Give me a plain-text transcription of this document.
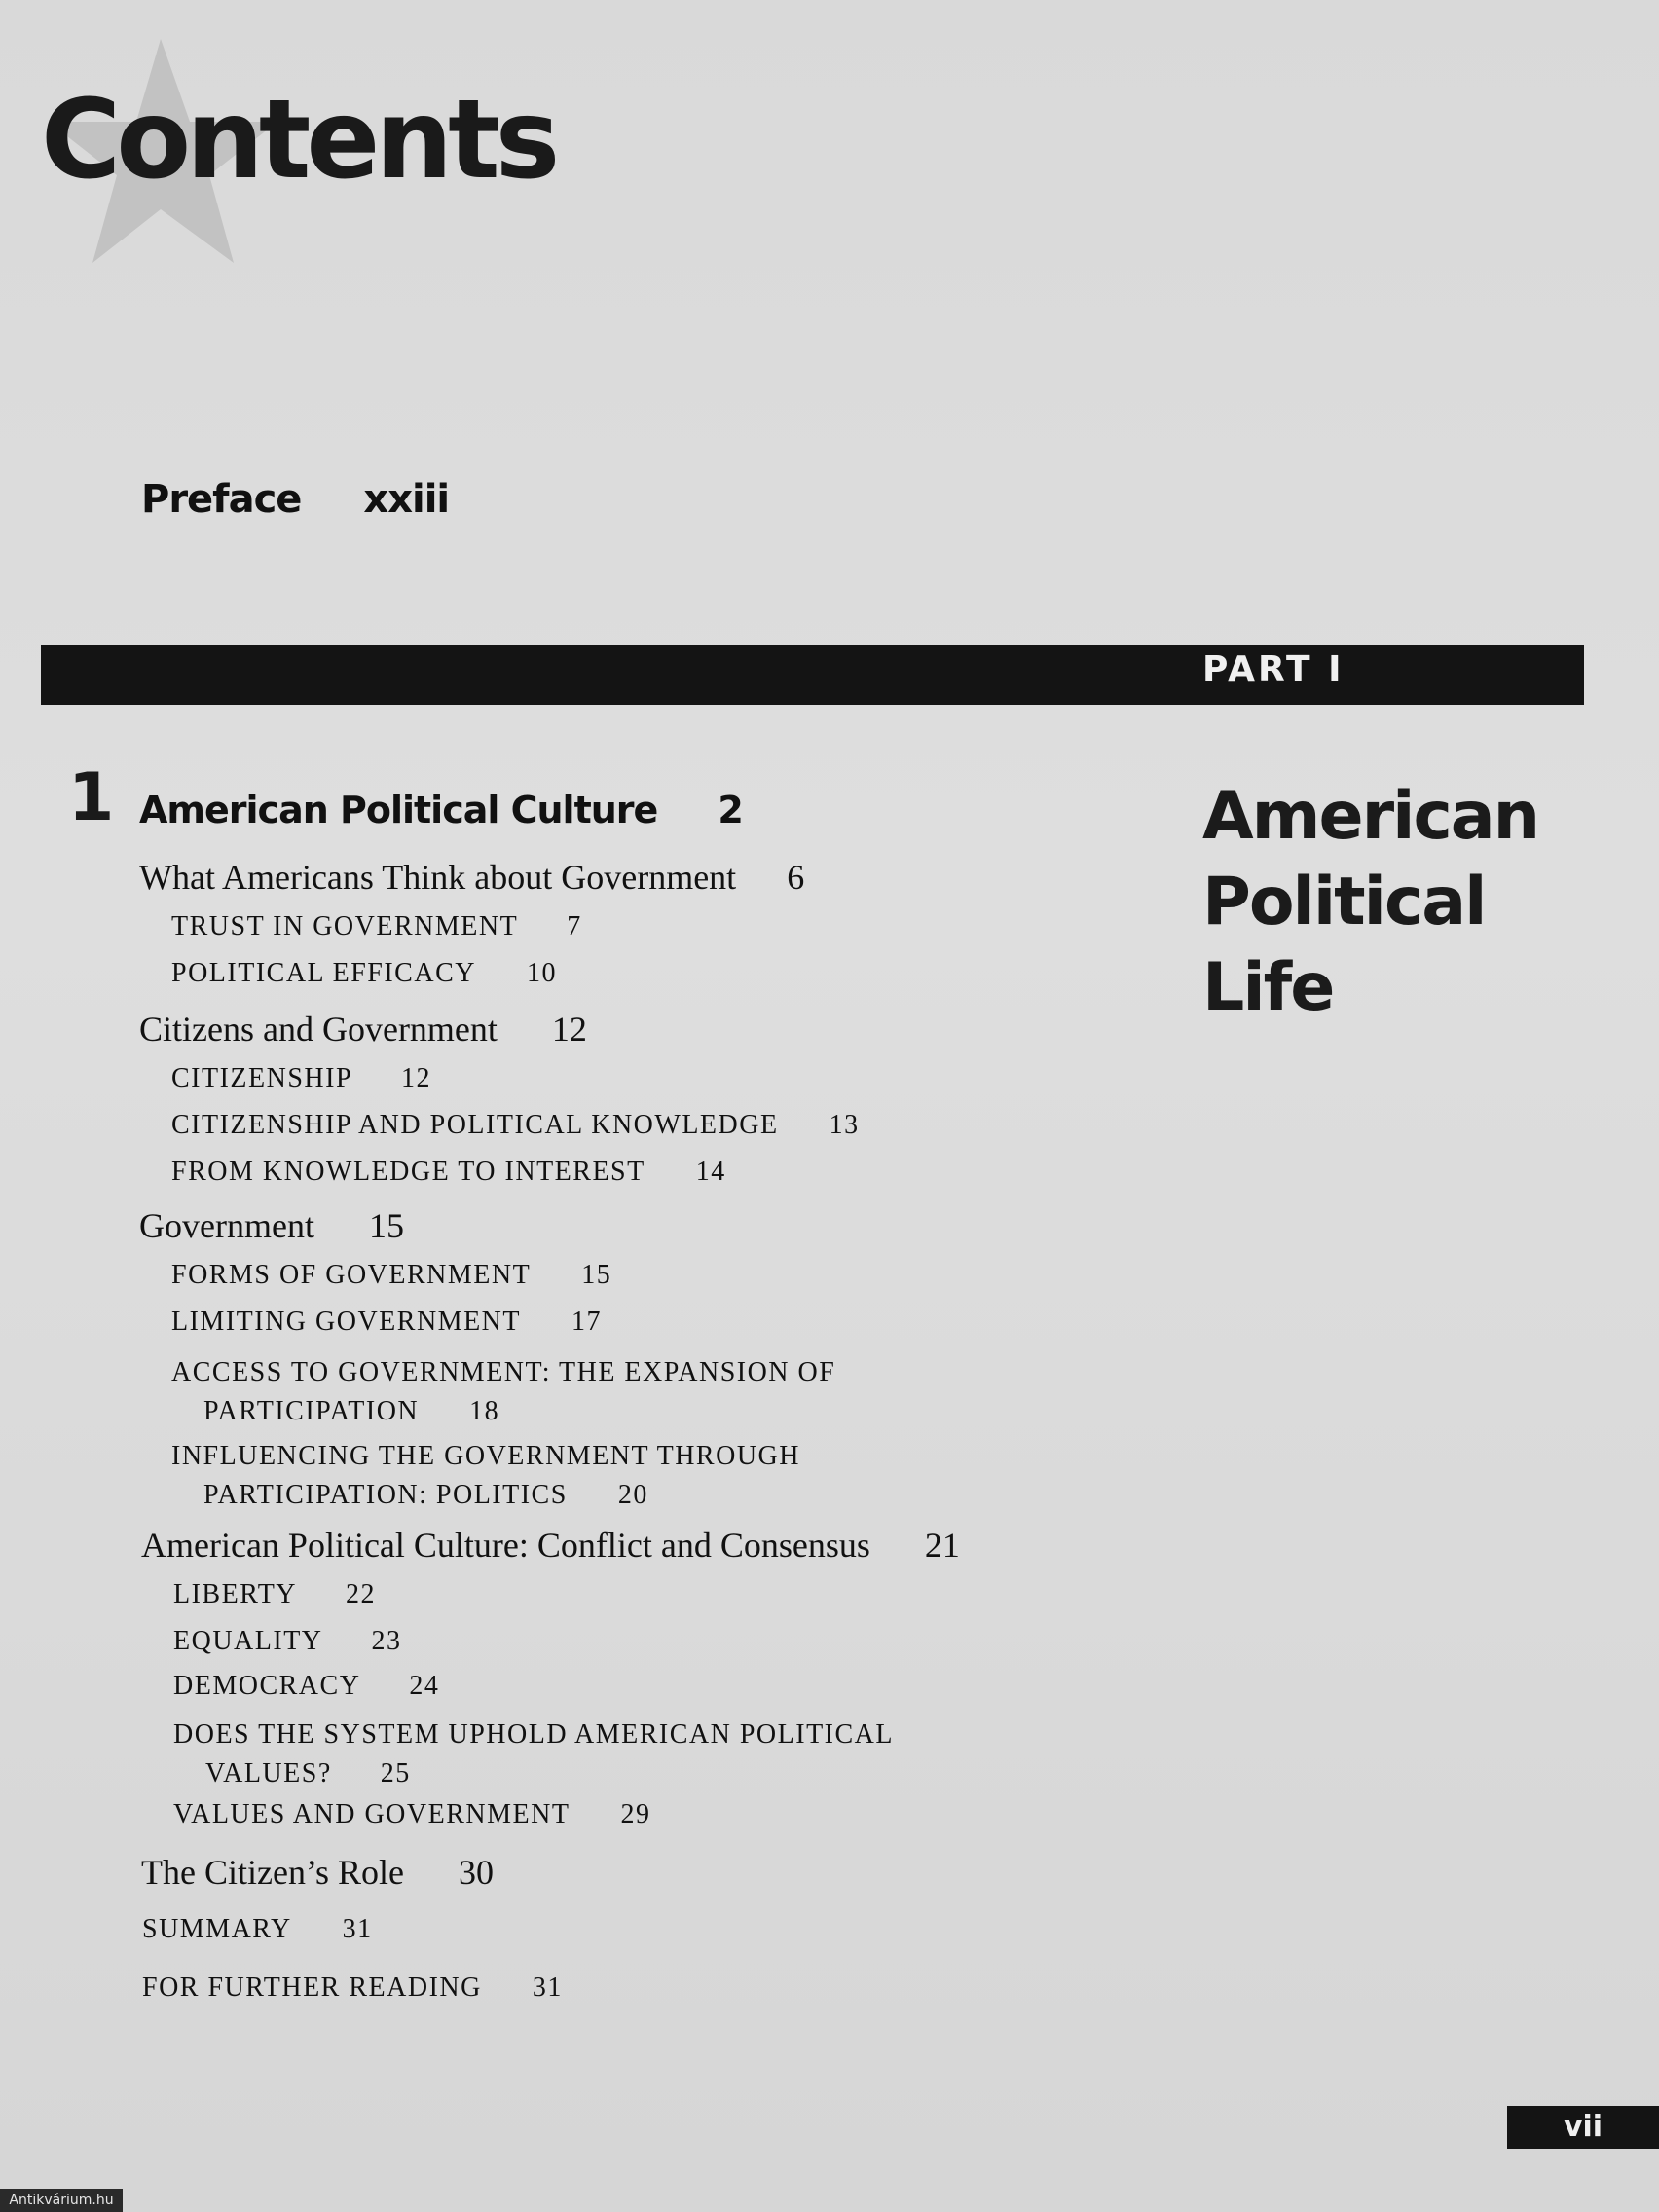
Contents
Preface xxiii
PART I
American
Political
Life
1 American Political Culture 2
What Americans Think about Government 6
TRUST IN GOVERNMENT 7
POLITICAL EFFICACY 10
Citizens and Government 12
CITIZENSHIP 12
CITIZENSHIP AND POLITICAL KNOWLEDGE 13
FROM KNOWLEDGE TO INTEREST 14
Government 15
FORMS OF GOVERNMENT 15
LIMITING GOVERNMENT 17
ACCESS TO GOVERNMENT: THE EXPANSION OF
PARTICIPATION 18
INFLUENCING THE GOVERNMENT THROUGH
PARTICIPATION: POLITICS 20
American Political Culture: Conflict and Consensus 21
LIBERTY 22
EQUALITY 23
DEMOCRACY 24
DOES THE SYSTEM UPHOLD AMERICAN POLITICAL
VALUES? 25
VALUES AND GOVERNMENT 29
The Citizen’s Role 30
SUMMARY 31
FOR FURTHER READING 31
vii
Antikvárium.hu
